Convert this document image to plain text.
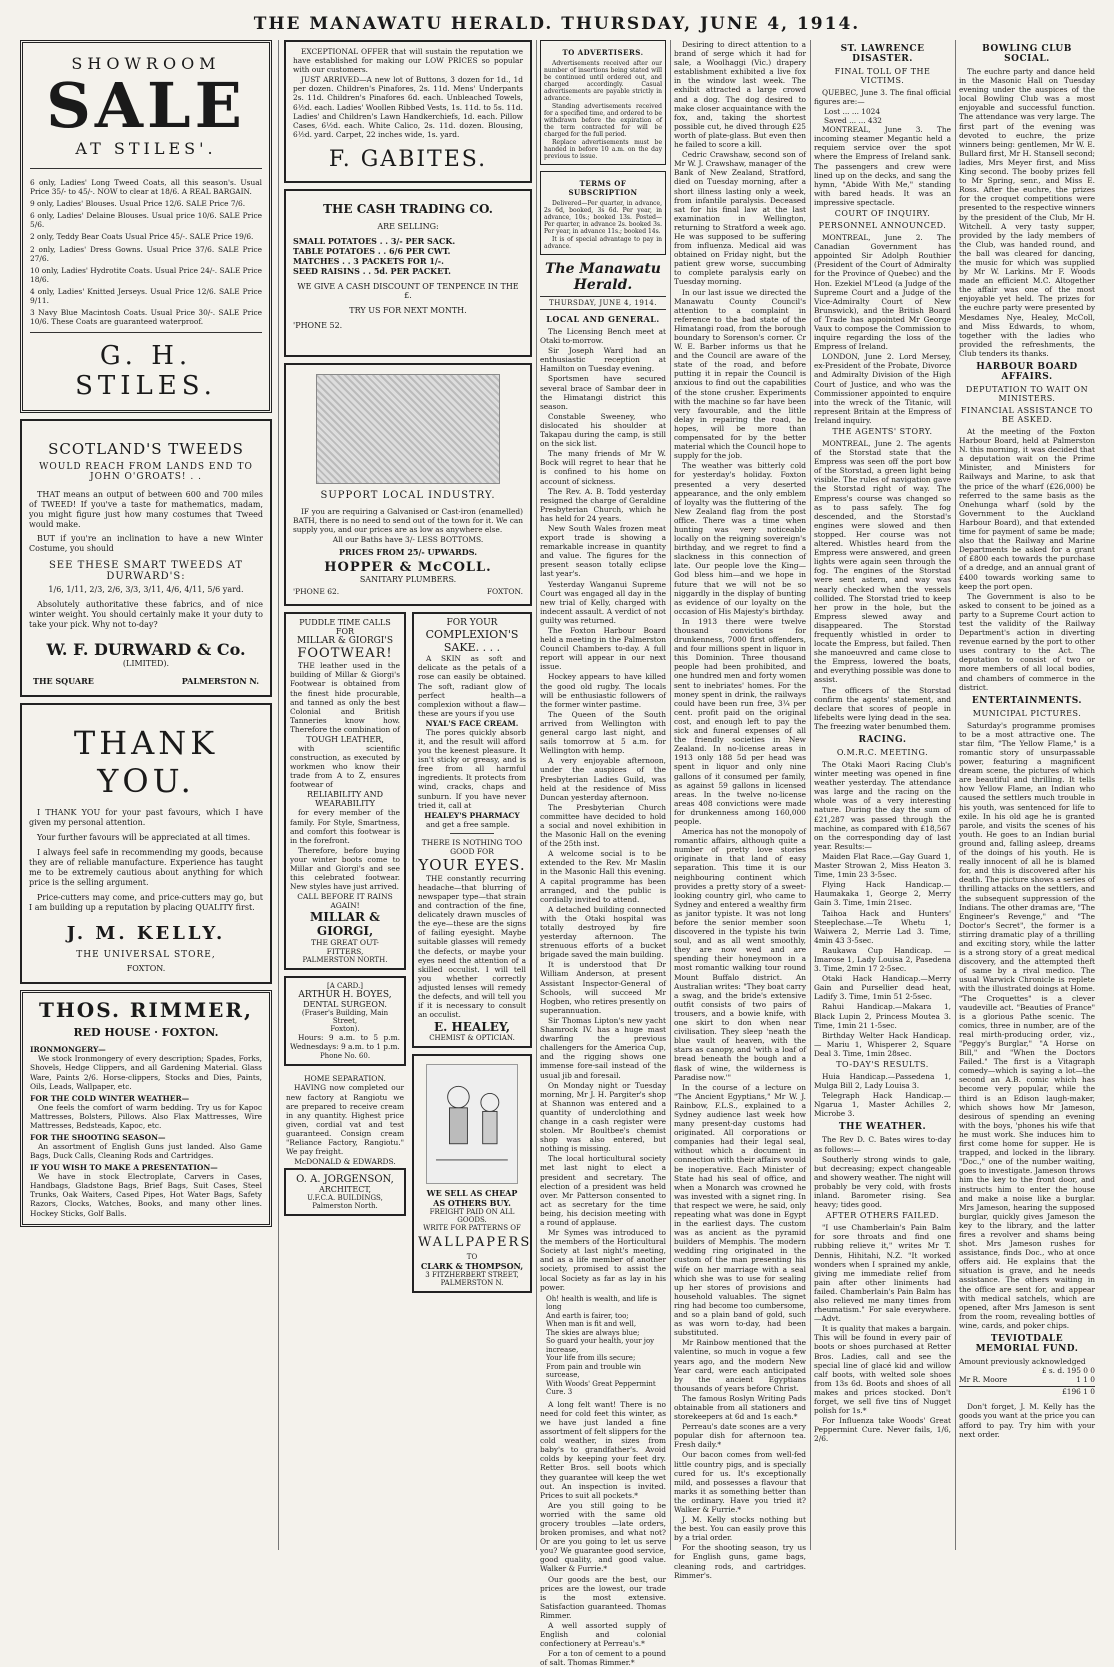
THE MANAWATU HERALD. THURSDAY, JUNE 4, 1914.
SHOWROOM
SALE
AT STILES'.

6 only, Ladies' Long Tweed Coats, all this season's. Usual Price 35/- to 45/-. NOW to clear at 18/6. A REAL BARGAIN.

9 only, Ladies' Blouses. Usual Price 12/6. SALE Price 7/6.

6 only, Ladies' Delaine Blouses. Usual price 10/6. SALE Price 5/6.

2 only, Teddy Bear Coats Usual Price 45/-. SALE Price 19/6.

2 only, Ladies' Dress Gowns. Usual Price 37/6. SALE Price 27/6.

10 only, Ladies' Hydrotite Coats. Usual Price 24/-. SALE Price 18/6.

4 only, Ladies' Knitted Jerseys. Usual Price 12/6. SALE Price 9/11.

3 Navy Blue Macintosh Coats. Usual Price 30/-. SALE Price 10/6. These Coats are guaranteed waterproof.

G. H. STILES.
SCOTLAND'S TWEEDS
WOULD REACH FROM LANDS END TO JOHN O'GROATS! . .

THAT means an output of between 600 and 700 miles of TWEED! If you've a taste for mathematics, madam, you might figure just how many costumes that Tweed would make.

BUT if you're an inclination to have a new Winter Costume, you should

SEE THESE SMART TWEEDS AT DURWARD'S:
1/6, 1/11, 2/3, 2/6, 3/3, 3/11, 4/6, 4/11, 5/6 yard.

Absolutely authoritative these fabrics, and of nice winter weight. You should certainly make it your duty to take your pick. Why not to-day?

W. F. DURWARD & Co.
(LIMITED).
THE SQUARE	PALMERSTON N.
THANK YOU.

I THANK YOU for your past favours, which I have given my personal attention.

Your further favours will be appreciated at all times.

I always feel safe in recommending my goods, because they are of reliable manufacture. Experience has taught me to be extremely cautious about anything for which price is the selling argument.

Price-cutters may come, and price-cutters may go, but I am building up a reputation by placing QUALITY first.

J. M. KELLY.
THE UNIVERSAL STORE,
FOXTON.
THOS. RIMMER,
RED HOUSE · FOXTON.
IRONMONGERY—

We stock Ironmongery of every description; Spades, Forks, Shovels, Hedge Clippers, and all Gardening Material. Glass Ware, Paints 2/6. Horse-clippers, Stocks and Dies, Paints, Oils, Leads, Wallpaper, etc.

FOR THE COLD WINTER WEATHER—

One feels the comfort of warm bedding. Try us for Kapoc Mattresses, Bolsters, Pillows. Also Flax Mattresses, Wire Mattresses, Bedsteads, Kapoc, etc.

FOR THE SHOOTING SEASON—

An assortment of English Guns just landed. Also Game Bags, Duck Calls, Cleaning Rods and Cartridges.

IF YOU WISH TO MAKE A PRESENTATION—

We have in stock Electroplate, Carvers in Cases, Handbags, Gladstone Bags, Brief Bags, Suit Cases, Steel Trunks, Oak Waiters, Cased Pipes, Hot Water Bags, Safety Razors, Clocks, Watches, Books, and many other lines. Hockey Sticks, Golf Balls.

EXCEPTIONAL OFFER that will sustain the reputation we have established for making our LOW PRICES so popular with our customers.

JUST ARRIVED—A new lot of Buttons, 3 dozen for 1d., 1d per dozen. Children's Pinafores, 2s. 11d. Mens' Underpants 2s. 11d. Children's Pinafores 6d. each. Unbleached Towels, 6½d. each. Ladies' Woollen Ribbed Vests, 1s. 11d. to 5s. 11d. Ladies' and Children's Lawn Handkerchiefs, 1d. each. Pillow Cases, 6½d. each. White Calico, 2s. 11d. dozen. Blousing, 6½d. yard. Carpet, 22 inches wide, 1s. yard.

F. GABITES.
THE CASH TRADING CO.
ARE SELLING:
SMALL POTATOES . . 3/- PER SACK.
TABLE POTATOES . . 6/6 PER CWT.
MATCHES . . 3 PACKETS FOR 1/-.
SEED RAISINS . . 5d. PER PACKET.
WE GIVE A CASH DISCOUNT OF TENPENCE IN THE £.
TRY US FOR NEXT MONTH.
'PHONE 52.
SUPPORT LOCAL INDUSTRY.

IF you are requiring a Galvanised or Cast-iron (enamelled) BATH, there is no need to send out of the town for it. We can supply you, and our prices are as low as anywhere else.

All our Baths have 3/- LESS BOTTOMS.
PRICES FROM 25/- UPWARDS.
HOPPER & McCOLL.
SANITARY PLUMBERS.
'PHONE 62.	FOXTON.
PUDDLE TIME CALLS FOR
MILLAR & GIORGI'S
FOOTWEAR!

THE leather used in the building of Millar & Giorgi's Footwear is obtained from the finest hide procurable, and tanned as only the best Colonial and British Tanneries know how. Therefore the combination of

TOUGH LEATHER,

with scientific construction, as executed by workmen who know their trade from A to Z, ensures footwear of

RELIABILITY AND WEARABILITY

for every member of the family. For Style, Smartness, and comfort this footwear is in the forefront.

Therefore, before buying your winter boots come to Millar and Giorgi's and see this celebrated footwear. New styles have just arrived.

CALL BEFORE IT RAINS AGAIN!
MILLAR &
GIORGI,
THE GREAT OUT-
FITTERS,
PALMERSTON NORTH.
[A CARD.]
ARTHUR H. BOYES,
DENTAL SURGEON.
(Fraser's Building, Main Street,
Foxton).

Hours: 9 a.m. to 5 p.m. Wednesdays: 9 a.m. to 1 p.m.

Phone No. 60.
HOME SEPARATION.

HAVING now completed our new factory at Rangiotu we are prepared to receive cream in any quantity. Highest price given, cordial vat and test guaranteed. Consign cream "Reliance Factory, Rangiotu." We pay freight.

McDONALD & EDWARDS.
O. A. JORGENSON,
ARCHITECT,
U.F.C.A. BUILDINGS,
Palmerston North.
FOR YOUR
COMPLEXION'S
SAKE. . . .

A SKIN as soft and delicate as the petals of a rose can easily be obtained. The soft, radiant glow of perfect health—a complexion without a flaw—these are yours if you use

NYAL'S FACE CREAM.

The pores quickly absorb it, and the result will afford you the keenest pleasure. It isn't sticky or greasy, and is free from all harmful ingredients. It protects from wind, cracks, chaps and sunburn. If you have never tried it, call at

HEALEY'S PHARMACY

and get a free sample.

THERE IS NOTHING TOO GOOD FOR
YOUR EYES.

THE constantly recurring headache—that blurring of newspaper type—that strain and contraction of the fine, delicately drawn muscles of the eye—these are the signs of failing eyesight. Maybe suitable glasses will remedy the defects, or maybe your eyes need the attention of a skilled occulist. I will tell you whether correctly adjusted lenses will remedy the defects, and will tell you if it is necessary to consult an occulist.

E. HEALEY,
CHEMIST & OPTICIAN.
WE SELL AS CHEAP
AS OTHERS BUY.
FREIGHT PAID ON ALL GOODS.
WRITE FOR PATTERNS OF
WALLPAPERS
TO
CLARK & THOMPSON,
3 FITZHERBERT STREET,
PALMERSTON N.
TO ADVERTISERS.

Advertisements received after our number of insertions being stated will be continued until ordered out, and charged accordingly. Casual advertisements are payable strictly in advance.

Standing advertisements received for a specified time, and ordered to be withdrawn before the expiration of the term contracted for will be charged for the full period.

Replace advertisements must be handed in before 10 a.m. on the day previous to issue.

TERMS OF SUBSCRIPTION

Delivered—Per quarter, in advance, 2s 6d, booked, 3s 6d. Per year, in advance, 10s.; booked 13s. Posted—Per quarter, in advance 2s. booked 3s. Per year, in advance 11s.; booked 14s.

It is of special advantage to pay in advance.

The Manawatu Herald.
THURSDAY, JUNE 4, 1914.
LOCAL AND GENERAL.

The Licensing Bench meet at Otaki to-morrow.

Sir Joseph Ward had an enthusiastic reception at Hamilton on Tuesday evening.

Sportsmen have secured several brace of Sambar deer in the Himatangi district this season.

Constable Sweeney, who dislocated his shoulder at Takapau during the camp, is still on the sick list.

The many friends of Mr W. Bock will regret to hear that he is confined to his home on account of sickness.

The Rev. A. B. Todd yesterday resigned the charge of Geraldine Presbyterian Church, which he has held for 24 years.

New South Wales frozen meat export trade is showing a remarkable increase in quantity and value. The figures for the present season totally eclipse last year's.

Yesterday Wanganui Supreme Court was engaged all day in the new trial of Kelly, charged with indecent assault. A verdict of not guilty was returned.

The Foxton Harbour Board held a meeting in the Palmerston Council Chambers to-day. A full report will appear in our next issue.

Hockey appears to have killed the good old rugby. The locals will be enthusiastic followers of the former winter pastime.

The Queen of the South arrived from Wellington with general cargo last night, and sails tomorrow at 5 a.m. for Wellington with hemp.

A very enjoyable afternoon, under the auspices of the Presbyterian Ladies Guild, was held at the residence of Miss Duncan yesterday afternoon.

The Presbyterian Church committee have decided to hold a social and novel exhibition in the Masonic Hall on the evening of the 25th inst.

A welcome social is to be extended to the Rev. Mr Maslin in the Masonic Hall this evening. A capital programme has been arranged, and the public is cordially invited to attend.

A detached building connected with the Otaki hospital was totally destroyed by fire yesterday afternoon. The strenuous efforts of a bucket brigade saved the main building.

It is understood that Dr William Anderson, at present Assistant Inspector-General of Schools, will succeed Mr Hogben, who retires presently on superannuation.

Sir Thomas Lipton's new yacht Shamrock IV. has a huge mast dwarfing the previous challengers for the America Cup, and the rigging shows one immense fore-sail instead of the usual jib and foresail.

On Monday night or Tuesday morning, Mr J. H. Pargiter's shop at Shannon was entered and a quantity of underclothing and change in a cash register were stolen. Mr Boultbee's chemist shop was also entered, but nothing is missing.

The local horticultural society met last night to elect a president and secretary. The election of a president was held over. Mr Patterson consented to act as secretary for the time being, his decision meeting with a round of applause.

Mr Symes was introduced to the members of the Horticultural Society at last night's meeting, and as a life member of another society, promised to assist the local Society as far as lay in his power.

Oh! health is wealth, and life is long
And earth is fairer, too;
When man is fit and well,
The skies are always blue;
So guard your health, your joy increase,
Your life from ills secure;
From pain and trouble win surcease,
With Woods' Great Peppermint Cure. 3

A long felt want! There is no need for cold feet this winter, as we have just landed a fine assortment of felt slippers for the cold weather, in sizes from baby's to grandfather's. Avoid colds by keeping your feet dry. Retter Bros. sell boots which they guarantee will keep the wet out. An inspection is invited. Prices to suit all pockets.*

Are you still going to be worried with the same old grocery troubles —late orders, broken promises, and what not? Or are you going to let us serve you? We guarantee good service, good quality, and good value. Walker & Furrie.*

Our goods are the best, our prices are the lowest, our trade is the most extensive. Satisfaction guaranteed. Thomas Rimmer.

A well assorted supply of English and colonial confectionery at Perreau's.*

For a ton of cement to a pound of salt. Thomas Rimmer.*

Desiring to direct attention to a brand of serge which it had for sale, a Woolhaggi (Vic.) drapery establishment exhibited a live fox in the window last week. The exhibit attracted a large crowd and a dog. The dog desired to make closer acquaintance with the fox, and, taking the shortest possible cut, he dived through £25 worth of plate-glass. But even then he failed to score a kill.

Cedric Crawshaw, second son of Mr W. J. Crawshaw, manager of the Bank of New Zealand, Stratford, died on Tuesday morning, after a short illness lasting only a week, from infantile paralysis. Deceased sat for his final law at the last examination in Wellington, returning to Stratford a week ago. He was supposed to be suffering from influenza. Medical aid was obtained on Friday night, but the patient grew worse, succumbing to complete paralysis early on Tuesday morning.

In our last issue we directed the Manawatu County Council's attention to a complaint in reference to the bad state of the Himatangi road, from the borough boundary to Sorenson's corner. Cr W. E. Barber informs us that he and the Council are aware of the state of the road, and before putting it in repair the Council is anxious to find out the capabilities of the stone crusher. Experiments with the machine so far have been very favourable, and the little delay in repairing the road, he hopes, will be more than compensated for by the better material which the Council hope to supply for the job.

The weather was bitterly cold for yesterday's holiday. Foxton presented a very deserted appearance, and the only emblem of loyalty was the fluttering of the New Zealand flag from the post office. There was a time when hunting was very noticeable locally on the reigning sovereign's birthday, and we regret to find a slackness in this connection of late. Our people love the King—God bless him—and we hope in future that we will not be so niggardly in the display of bunting as evidence of our loyalty on the occasion of His Majesty's birthday.

In 1913 there were twelve thousand convictions for drunkenness, 7000 first offenders, and four millions spent in liquor in this Dominion. Three thousand people had been prohibited, and one hundred men and forty women sent to inebriates' homes. For the money spent in drink, the railways could have been run free, 3¼ per cent. profit paid on the original cost, and enough left to pay the sick and funeral expenses of all the friendly societies in New Zealand. In no-license areas in 1913 only 188 5d per head was spent in liquor and only nine gallons of it consumed per family, as against 59 gallons in licensed areas. In the twelve no-license areas 408 convictions were made for drunkenness among 160,000 people.

America has not the monopoly of romantic affairs, although quite a number of pretty love stories originate in that land of easy separation. This time it is our neighbouring continent which provides a pretty story of a sweet-looking country girl, who came to Sydney and entered a wealthy firm as janitor typiste. It was not long before the senior member soon discovered in the typiste his twin soul, and as all went smoothly, they are now wed and are spending their honeymoon in a most romantic walking tour round Mount Buffalo district. An Australian writes: "They boat carry a swag, and the bride's extensive outfit consists of two pairs of trousers, and a bowie knife, with one skirt to don when near civilisation. They sleep 'neath the blue vault of heaven, with the stars as canopy, and 'with a loaf of bread beneath the bough and a flask of wine, the wilderness is Paradise now.'"

In the course of a lecture on "The Ancient Egyptians," Mr W. J. Rainbow, F.L.S., explained to a Sydney audience last week how many present-day customs had originated. All corporations or companies had their legal seal, without which a document in connection with their affairs would be inoperative. Each Minister of State had his seal of office, and when a Monarch was crowned he was invested with a signet ring. In that respect we were, he said, only repeating what was done in Egypt in the earliest days. The custom was as ancient as the pyramid builders of Memphis. The modern wedding ring originated in the custom of the man presenting his wife on her marriage with a seal which she was to use for sealing up her stores of provisions and household valuables. The signet ring had become too cumbersome, and so a plain band of gold, such as was worn to-day, had been substituted.

Mr Rainbow mentioned that the valentine, so much in vogue a few years ago, and the modern New Year card, were each anticipated by the ancient Egyptians thousands of years before Christ.

The famous Roslyn Writing Pads obtainable from all stationers and storekeepers at 6d and 1s each.*

Perreau's date scones are a very popular dish for afternoon tea. Fresh daily.*

Our bacon comes from well-fed little country pigs, and is specially cured for us. It's exceptionally mild, and possesses a flavour that marks it as something better than the ordinary. Have you tried it? Walker & Furrie.*

J. M. Kelly stocks nothing but the best. You can easily prove this by a trial order.

For the shooting season, try us for English guns, game bags, cleaning rods, and cartridges. Rimmer's.

ST. LAWRENCE DISASTER.
FINAL TOLL OF THE VICTIMS.

QUEBEC, June 3. The final official figures are:—

Lost ... ... 1024
Saved ... ... 432

MONTREAL, June 3. The incoming steamer Megantic held a requiem service over the spot where the Empress of Ireland sank. The passengers and crew were lined up on the decks, and sang the hymn, "Abide With Me," standing with bared heads. It was an impressive spectacle.

COURT OF INQUIRY.
PERSONNEL ANNOUNCED.

MONTREAL, June 2. The Canadian Government has appointed Sir Adolph Routhier (President of the Court of Admiralty for the Province of Quebec) and the Hon. Ezekiel M'Leod (a Judge of the Supreme Court and a Judge of the Vice-Admiralty Court of New Brunswick), and the British Board of Trade has appointed Mr George Vaux to compose the Commission to inquire regarding the loss of the Empress of Ireland.

LONDON, June 2. Lord Mersey, ex-President of the Probate, Divorce and Admiralty Division of the High Court of Justice, and who was the Commissioner appointed to enquire into the wreck of the Titanic, will represent Britain at the Empress of Ireland inquiry.

THE AGENTS' STORY.

MONTREAL, June 2. The agents of the Storstad state that the Empress was seen off the port bow of the Storstad, a green light being visible. The rules of navigation gave the Storstad right of way. The Empress's course was changed so as to pass safely. The fog descended, and the Storstad's engines were slowed and then stopped. Her course was not altered. Whistles heard from the Empress were answered, and green lights were again seen through the fog. The engines of the Storstad were sent astern, and way was nearly checked when the vessels collided. The Storstad tried to keep her prow in the hole, but the Empress slewed away and disappeared. The Storstad frequently whistled in order to locate the Empress, but failed. Then she manoeuvred and came close to the Empress, lowered the boats, and everything possible was done to assist.

The officers of the Storstad confirm the agents' statement, and declare that scores of people in lifebelts were lying dead in the sea. The freezing water benumbed them.

RACING.
O.M.R.C. MEETING.

The Otaki Maori Racing Club's winter meeting was opened in fine weather yesterday. The attendance was large and the racing on the whole was of a very interesting nature. During the day the sum of £21,287 was passed through the machine, as compared with £18,567 on the corresponding day of last year. Results:—

Maiden Flat Race.—Gay Guard 1, Master Strowan 2, Miss Heaton 3. Time, 1min 23 3-5sec.

Flying Hack Handicap.—Haumakaka 1, George 2, Merry Gain 3. Time, 1min 21sec.

Taihoa Hack and Hunters' Steeplechase.—Te Whetu 1, Waiwera 2, Merrie Lad 3. Time, 4min 43 3-5sec.

Raukawa Cup Handicap. — Imarose 1, Lady Louisa 2, Pasedena 3. Time, 2min 17 2-5sec.

Otaki Hack Handicap.—Merry Gain and Pursellier dead heat, Ladify 3. Time, 1min 51 2-5sec.

Rahui Handicap.—Makara 1, Black Lupin 2, Princess Moutea 3. Time, 1min 21 1-5sec.

Birthday Welter Hack Handicap. — Mariu 1, Whisperer 2, Square Deal 3. Time, 1min 28sec.

TO-DAY'S RESULTS.

Huia Handicap.—Passedena 1, Mulga Bill 2, Lady Louisa 3.

Telegraph Hack Handicap.—Ngarua 1, Master Achilles 2, Microbe 3.

THE WEATHER.

The Rev D. C. Bates wires to-day as follows:—

Southerly strong winds to gale, but decreasing; expect changeable and showery weather. The night will probably be very cold, with frosts inland. Barometer rising. Sea heavy; tides good.

AFTER OTHERS FAILED.

"I use Chamberlain's Pain Balm for sore throats and find one rubbing relieve it," writes Mr T. Dennis, Hihitahi, N.Z. "It worked wonders when I sprained my ankle, giving me immediate relief from pain after other liniments had failed. Chamberlain's Pain Balm has also relieved me many times from rheumatism." For sale everywhere.—Advt.

It is quality that makes a bargain. This will be found in every pair of boots or shoes purchased at Retter Bros. Ladies, call and see the special line of glacé kid and willow calf boots, with welted sole shoes from 13s 6d. Boots and shoes of all makes and prices stocked. Don't forget, we sell five tins of Nugget polish for 1s.*

For Influenza take Woods' Great Peppermint Cure. Never fails, 1/6, 2/6.

BOWLING CLUB SOCIAL.

The euchre party and dance held in the Masonic Hall on Tuesday evening under the auspices of the local Bowling Club was a most enjoyable and successful function. The attendance was very large. The first part of the evening was devoted to euchre, the prize winners being: gentlemen, Mr W. E. Bullard first, Mr H. Stansell second; ladies, Mrs Meyer first, and Miss King second. The booby prizes fell to Mr Spring, senr., and Miss E. Ross. After the euchre, the prizes for the croquet competitions were presented to the respective winners by the president of the Club, Mr H. Witchell. A very tasty supper, provided by the lady members of the Club, was handed round, and the ball was cleared for dancing, the music for which was supplied by Mr W. Larkins. Mr F. Woods made an efficient M.C. Altogether the affair was one of the most enjoyable yet held. The prizes for the euchre party were presented by Mesdames Nye, Healey, McColl, and Miss Edwards, to whom, together with the ladies who provided the refreshments, the Club tenders its thanks.

HARBOUR BOARD AFFAIRS.
DEPUTATION TO WAIT ON MINISTERS.
FINANCIAL ASSISTANCE TO BE ASKED.

At the meeting of the Foxton Harbour Board, held at Palmerston N. this morning, it was decided that a deputation wait on the Prime Minister, and Ministers for Railways and Marine, to ask that the price of the wharf (£26,000) be referred to the same basis as the Onehunga wharf (sold by the Government to the Auckland Harbour Board), and that extended time for payment of same be made; also that the Railway and Marine Departments be asked for a grant of £800 each towards the purchase of a dredge, and an annual grant of £400 towards working same to keep the port open.

The Government is also to be asked to consent to be joined as a party to a Supreme Court action to test the validity of the Railway Department's action in diverting revenue earned by the port to other uses contrary to the Act. The deputation to consist of two or more members of all local bodies, and chambers of commerce in the district.

ENTERTAINMENTS.
MUNICIPAL PICTURES.

Saturday's programme promises to be a most attractive one. The star film, "The Yellow Flame," is a romantic story of unsurpassable power, featuring a magnificent dream scene, the pictures of which are beautiful and thrilling. It tells how Yellow Flame, an Indian who caused the settlers much trouble in his youth, was sentenced for life to exile. In his old age he is granted parole, and visits the scenes of his youth. He goes to an Indian burial ground and, falling asleep, dreams of the doings of his youth. He is really innocent of all he is blamed for, and this is discovered after his death. The picture shows a series of thrilling attacks on the settlers, and the subsequent suppression of the Indians. The other dramas are, "The Engineer's Revenge," and "The Doctor's Secret", the former is a stirring dramatic play of a thrilling and exciting story, while the latter is a strong story of a great medical discovery, and the attempted theft of same by a rival medico. The usual Warwick Chronicle is replete with the illustrated doings at Home. "The Croquettes" is a clever vaudeville act. "Beauties of France" is a glorious Pathe scenic. The comics, three in number, are of the real mirth-producing order, viz., "Peggy's Burglar," "A Horse on Bill," and "When the Doctors Failed." The first is a Vitagraph comedy—which is saying a lot—the second an A.B. comic which has become very popular, while the third is an Edison laugh-maker, which shows how Mr Jameson, desirous of spending an evening with the boys, 'phones his wife that he must work. She induces him to first come home for supper. He is trapped, and locked in the library. "Doc.," one of the number waiting, goes to investigate. Jameson throws him the key to the front door, and instructs him to enter the house and make a noise like a burglar. Mrs Jameson, hearing the supposed burglar, quickly gives Jameson the key to the library, and the latter fires a revolver and shams being shot. Mrs Jameson rushes for assistance, finds Doc., who at once offers aid. He explains that the situation is grave, and he needs assistance. The others waiting in the office are sent for, and appear with medical satchels, which are opened, after Mrs Jameson is sent from the room, revealing bottles of wine, cards, and poker chips.

TEVIOTDALE MEMORIAL FUND.
Amount previously acknowledged
£ s. d. 195 0 0
Mr R. Moore	1 1 0
£196 1 0

Don't forget, J. M. Kelly has the goods you want at the price you can afford to pay. Try him with your next order.
